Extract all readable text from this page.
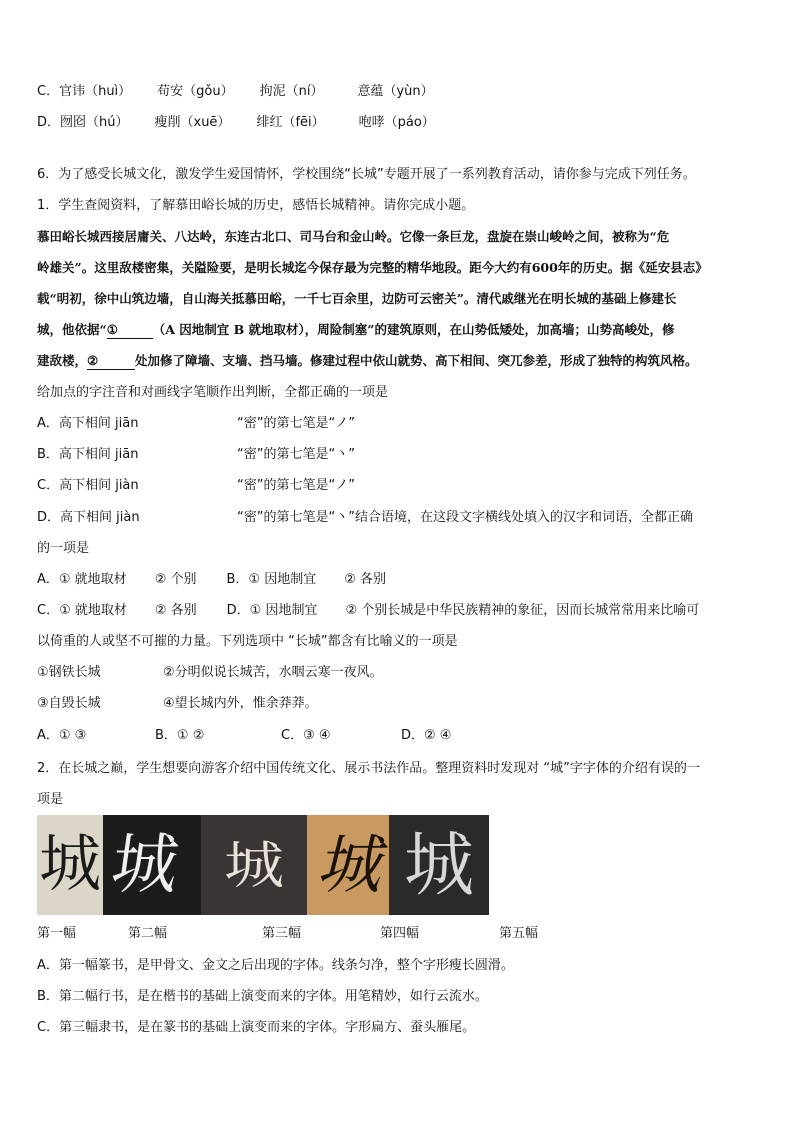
C．官讳（huì） 苟安（gǒu） 拘泥（ní）	意蕴（yùn）
D．囫囵（hú） 瘦削（xuē） 绯红（fēi）	咆哮（páo）
6．为了感受长城文化，激发学生爱国情怀，学校围绕“长城”专题开展了一系列教育活动，请你参与完成下列任务。
1．学生查阅资料，了解慕田峪长城的历史，感悟长城精神。请你完成小题。
慕田峪长城西接居庸关、八达岭，东连古北口、司马台和金山岭。它像一条巨龙，盘旋在崇山峻岭之间，被称为“危
岭雄关”。这里敌楼密集，关隘险要，是明长城迄今保存最为完整的精华地段。距今大约有600年的历史。据《延安县志》
载“明初，徐中山筑边墙，自山海关抵慕田峪，一千七百余里，边防可云密关”。清代戚继光在明长城的基础上修建长
城，他依据“①	（A 因地制宜 B 就地取材），周险制塞”的建筑原则，在山势低矮处，加高墙；山势高峻处，修
建敌楼，②	处加修了障墙、支墙、挡马墙。修建过程中依山就势、高下相间、突兀参差，形成了独特的构筑风格。
给加点的字注音和对画线字笔顺作出判断，全都正确的一项是
A．高下相间 jiān	“密”的第七笔是“ノ”
B．高下相间 jiān	“密”的第七笔是“丶”
C．高下相间 jiàn	“密”的第七笔是“ノ”
D．高下相间 jiàn	“密”的第七笔是“丶”结合语境，在这段文字横线处填入的汉字和词语，全都正确
的一项是
A．① 就地取材 ② 个别 B．① 因地制宜 ② 各别
C．① 就地取材 ② 各别 D．① 因地制宜 ② 个别长城是中华民族精神的象征，因而长城常常用来比喻可
以倚重的人或坚不可摧的力量。下列选项中 “长城”都含有比喻义的一项是
①钢铁长城	②分明似说长城苦，水咽云寒一夜风。
③自毁长城	④望长城内外，惟余莽莽。
A．① ③	B．① ②	C．③ ④	D．② ④
2．在长城之巅，学生想要向游客介绍中国传统文化、展示书法作品。整理资料时发现对 “城”字字体的介绍有误的一
项是
城 城 城 城 城
第一幅	第二幅	第三幅	第四幅	第五幅
A．第一幅篆书，是甲骨文、金文之后出现的字体。线条匀净，整个字形瘦长圆滑。
B．第二幅行书，是在楷书的基础上演变而来的字体。用笔精妙，如行云流水。
C．第三幅隶书，是在篆书的基础上演变而来的字体。字形扁方、蚕头雁尾。
